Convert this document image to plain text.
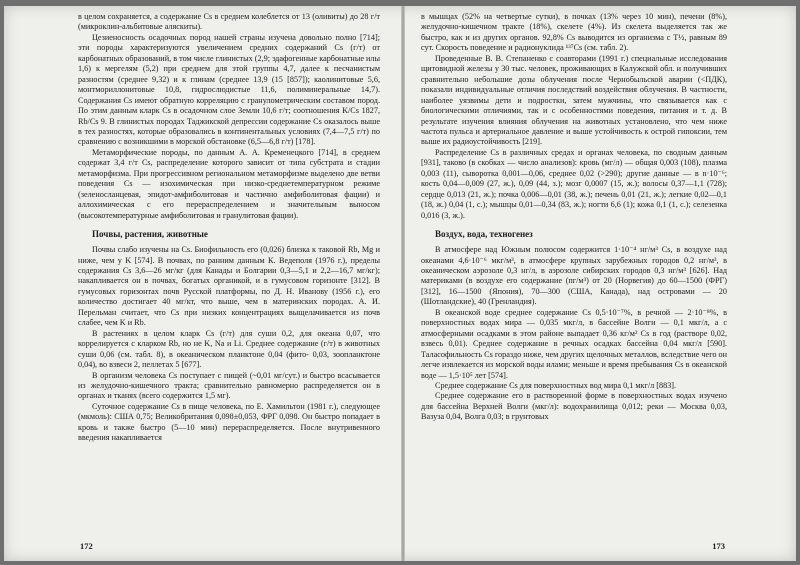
в целом сохраняется, а содержание Cs в среднем колеблется от 13 (оливиты) до 28 г/т (микроклин-альбитовые аляскиты).

Цезиеносность осадочных пород нашей страны изучена довольно полно [714]; эти породы характеризуются увеличением средних содержаний Cs (г/т) от карбонатных образований, в том числе глинистых (2,9; эдафогенные карбонатные илы 1,6) к мергелям (5,2) при среднем для этой группы 4,7, далее к песчанистым разностям (среднее 9,32) и к глинам (среднее 13,9 (15 [857]); каолинитовые 5,6, монтмориллонитовые 10,8, гидрослюдистые 11,6, полиминеральные 14,7). Содержания Cs имеют обратную корреляцию с гранулометрическим составом пород. По этим данным кларк Cs в осадочном слое Земли 10,6 г/т; соотношения K/Cs 1827, Rb/Cs 9. В глинистых породах Таджикской депрессии содержание Cs оказалось выше в тех разностях, которые образовались в континентальных условиях (7,4—7,5 г/т) по сравнению с возникшими в морской обстановке (6,5—6,8 г/т) [178].

Метаморфические породы, по данным А. А. Кременецкого [714], в среднем содержат 3,4 г/т Cs, распределение которого зависит от типа субстрата и стадии метаморфизма. При прогрессивном региональном метаморфизме выделено две ветви поведения Cs — изохимическая при низко-среднетемпературном режиме (зеленосланцевая, эпидот-амфиболитовая и частично амфиболитовая фации) и аллохимическая с его перераспределением и значительным выносом (высокотемпературные амфиболитовая и гранулитовая фации).

Почвы, растения, животные

Почвы слабо изучены на Cs. Биофильность его (0,026) близка к таковой Rb, Mg и ниже, чем у K [574]. В почвах, по ранним данным К. Ведеполя (1976 г.), пределы содержания Cs 3,6—26 мг/кг (для Канады и Болгарии 0,3—5,1 и 2,2—16,7 мг/кг); накапливается он в почвах, богатых органикой, и в гумусовом горизонте [312]. В гумусовых горизонтах почв Русской платформы, по Д. Н. Иванову (1956 г.), его количество достигает 40 мг/кт, что выше, чем в материнских породах. А. И. Перельман считает, что Cs при низких концентрациях выщелачивается из почв слабее, чем K и Rb.

В растениях в целом кларк Cs (г/т) для суши 0,2, для океана 0,07, что коррелируется с кларком Rb, но не K, Na и Li. Среднее содержание (г/т) в животных суши 0,06 (см. табл. 8), в океаническом планктоне 0,04 (фито- 0,03, зоопланктоне 0,04), во взвеси 2, пеллетах 5 [677].

В организм человека Cs поступает с пищей (~0,01 мг/сут.) и быстро всасывается из желудочно-кишечного тракта; сравнительно равномерно распределяется он в органах и тканях (всего содержится 1,5 мг).

Суточное содержание Cs в пище человека, по Е. Хамильтон (1981 г.), следующее (мкмоль): США 0,75; Великобритания 0,098±0,053, ФРГ 0,098. Он быстро попадает в кровь и также быстро (5—10 мин) перераспределяется. После внутривенного введения накапливается

172

в мышцах (52% на четвертые сутки), в почках (13% через 10 мин), печени (8%), желудочно-кишечном тракте (18%), скелете (4%). Из скелета выделяется так же быстро, как и из других органов. 92,8% Cs выводится из организма с T½, равным 89 сут. Скорость поведение и радионуклида ¹³⁷Cs (см. табл. 2).

Проведенные В. В. Степаненко с соавторами (1991 г.) специальные исследования щитовидной железы у 30 тыс. человек, проживающих в Калужской обл. и получивших сравнительно небольшие дозы облучения после Чернобыльской аварии (<ПДК), показали индивидуальные отличия последствий воздействия облучения. В частности, наиболее уязвимы дети и подростки, затем мужчины, что связывается как с биологическими отличиями, так и с особенностями поведения, питания и т. д. В результате изучения влияния облучения на животных установлено, что чем ниже частота пульса и артериальное давление и выше устойчивость к острой гипоксии, тем выше их радиоустойчивость [219].

Распределение Cs в различных средах и органах человека, по сводным данным [931], таково (в скобках — число анализов): кровь (мг/л) — общая 0,003 (108), плазма 0,003 (11), сыворотка 0,001—0,06, среднее 0,02 (>290); другие данные — в n·10⁻⁶; кость 0,04—0,009 (27, ж.), 0,09 (44, з.); мозг 0,0007 (15, ж.); волосы 0,37—1,1 (728); сердце 0,013 (21, ж.); почка 0,006—0,01 (38, ж.); печень 0,01 (21, ж.); легкие 0,02—0,1 (18, ж.) 0,04 (1, с.); мышцы 0,01—0,34 (83, ж.); ногти 6,6 (1); кожа 0,1 (1, с.); селезенка 0,016 (3, ж.).

Воздух, вода, техногенез

В атмосфере над Южным полюсом содержится 1·10⁻⁴ нг/м³ Cs, в воздухе над океанами 4,6·10⁻⁶ мкг/м³, в атмосфере крупных зарубежных городов 0,2 нг/м³, в океаническом аэрозоле 0,3 нг/л, в аэрозоле сибирских городов 0,3 нг/м³ [626]. Над материками (в воздухе его содержание (пг/м³) от 20 (Норвегия) до 60—1500 (ФРГ) [312], 16—1500 (Япония), 70—300 (США, Канада), над островами — 20 (Шотландские), 40 (Гренландия).

В океанской воде среднее содержание Cs 0,5·10⁻⁷%, в речной — 2·10⁻⁸%, в поверхностных водах мира — 0,035 мкг/л, в бассейне Волги — 0,1 мкг/л, а с атмосферными осадками в этом районе выпадает 0,36 кг/м² Cs в год (растворе 0,02, взвесь 0,01). Среднее содержание в речных осадках бассейна 0,04 мкг/л [590]. Таласофильность Cs гораздо ниже, чем других щелочных металлов, вследствие чего он легче извлекается из морской воды илами; меньше и время пребывания Cs в океанской воде — 1,5·10⁵ лет [574].

Среднее содержание Cs для поверхностных вод мира 0,1 мкг/л [883].

Среднее содержание его в растворенной форме в поверхностных водах изучено для бассейна Верхней Волги (мкг/л): водохранилища 0,012; реки — Москва 0,03, Вазуза 0,04, Волга 0,03; в грунтовых

173
